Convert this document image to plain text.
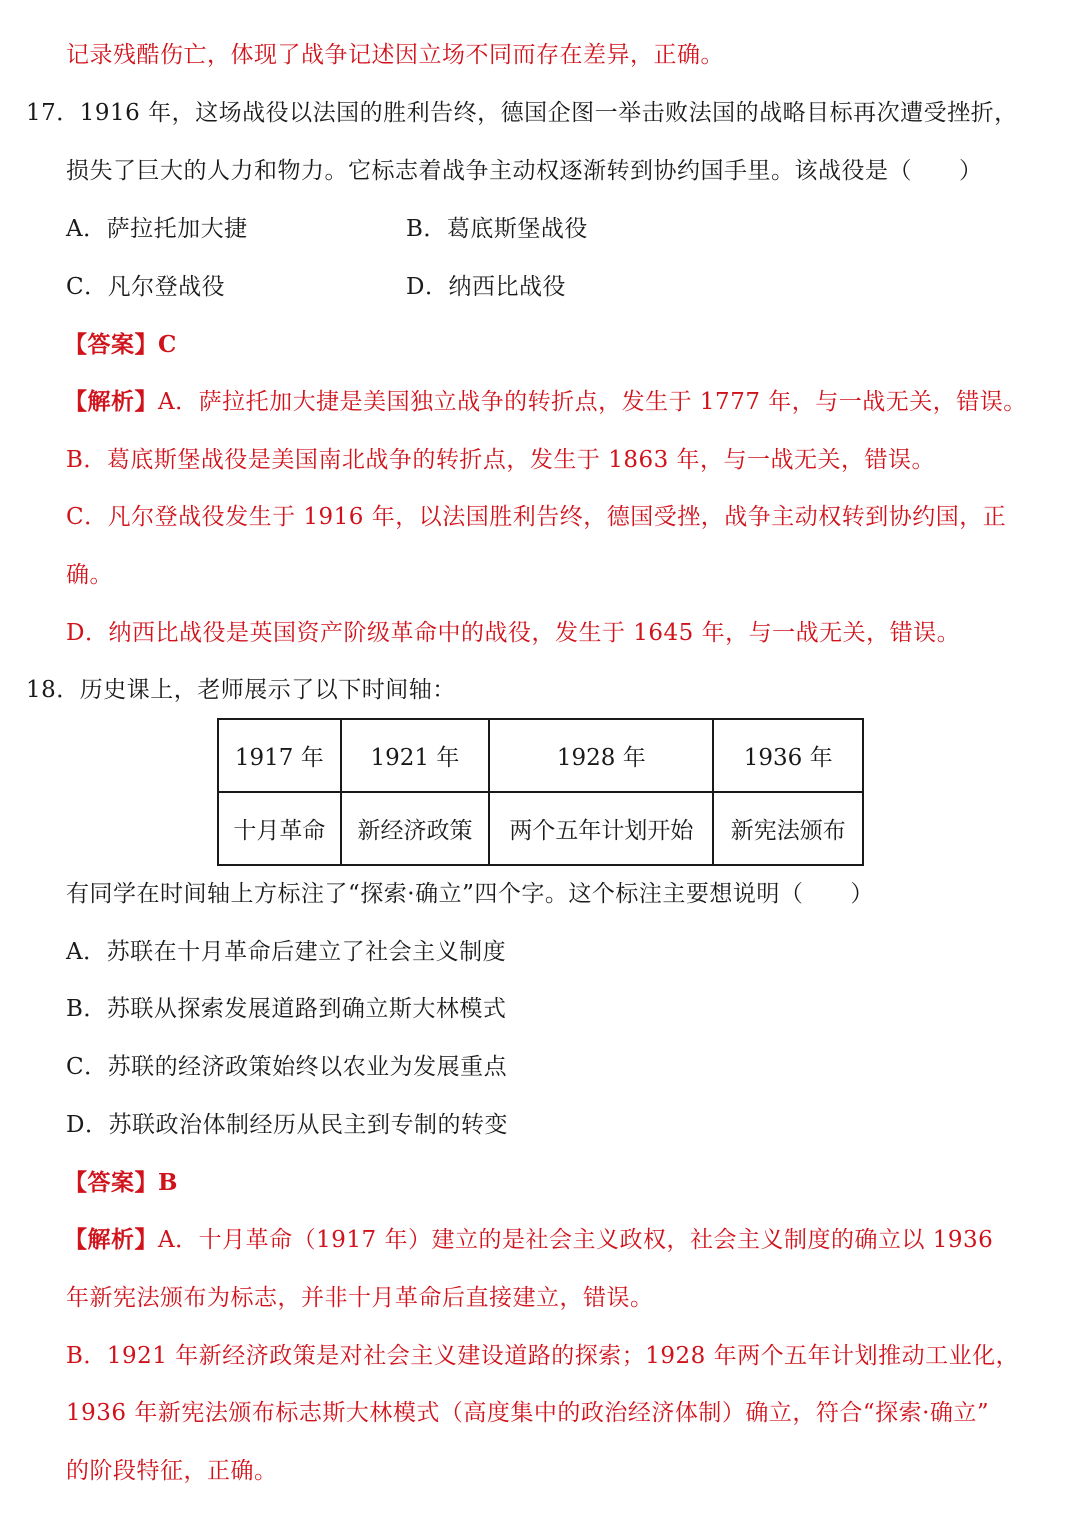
记录残酷伤亡，体现了战争记述因立场不同而存在差异，正确。
17．1916 年，这场战役以法国的胜利告终，德国企图一举击败法国的战略目标再次遭受挫折，
损失了巨大的人力和物力。它标志着战争主动权逐渐转到协约国手里。该战役是（　　）
A．萨拉托加大捷	B．葛底斯堡战役
C．凡尔登战役	D．纳西比战役
【答案】C
【解析】A．萨拉托加大捷是美国独立战争的转折点，发生于 1777 年，与一战无关，错误。
B．葛底斯堡战役是美国南北战争的转折点，发生于 1863 年，与一战无关，错误。
C．凡尔登战役发生于 1916 年，以法国胜利告终，德国受挫，战争主动权转到协约国，正
确。
D．纳西比战役是英国资产阶级革命中的战役，发生于 1645 年，与一战无关，错误。
18．历史课上，老师展示了以下时间轴：
1917 年	1921 年	1928 年	1936 年
十月革命	新经济政策	两个五年计划开始	新宪法颁布
有同学在时间轴上方标注了“探索·确立”四个字。这个标注主要想说明（　　）
A．苏联在十月革命后建立了社会主义制度
B．苏联从探索发展道路到确立斯大林模式
C．苏联的经济政策始终以农业为发展重点
D．苏联政治体制经历从民主到专制的转变
【答案】B
【解析】A．十月革命（1917 年）建立的是社会主义政权，社会主义制度的确立以 1936
年新宪法颁布为标志，并非十月革命后直接建立，错误。
B．1921 年新经济政策是对社会主义建设道路的探索；1928 年两个五年计划推动工业化，
1936 年新宪法颁布标志斯大林模式（高度集中的政治经济体制）确立，符合“探索·确立”
的阶段特征，正确。
